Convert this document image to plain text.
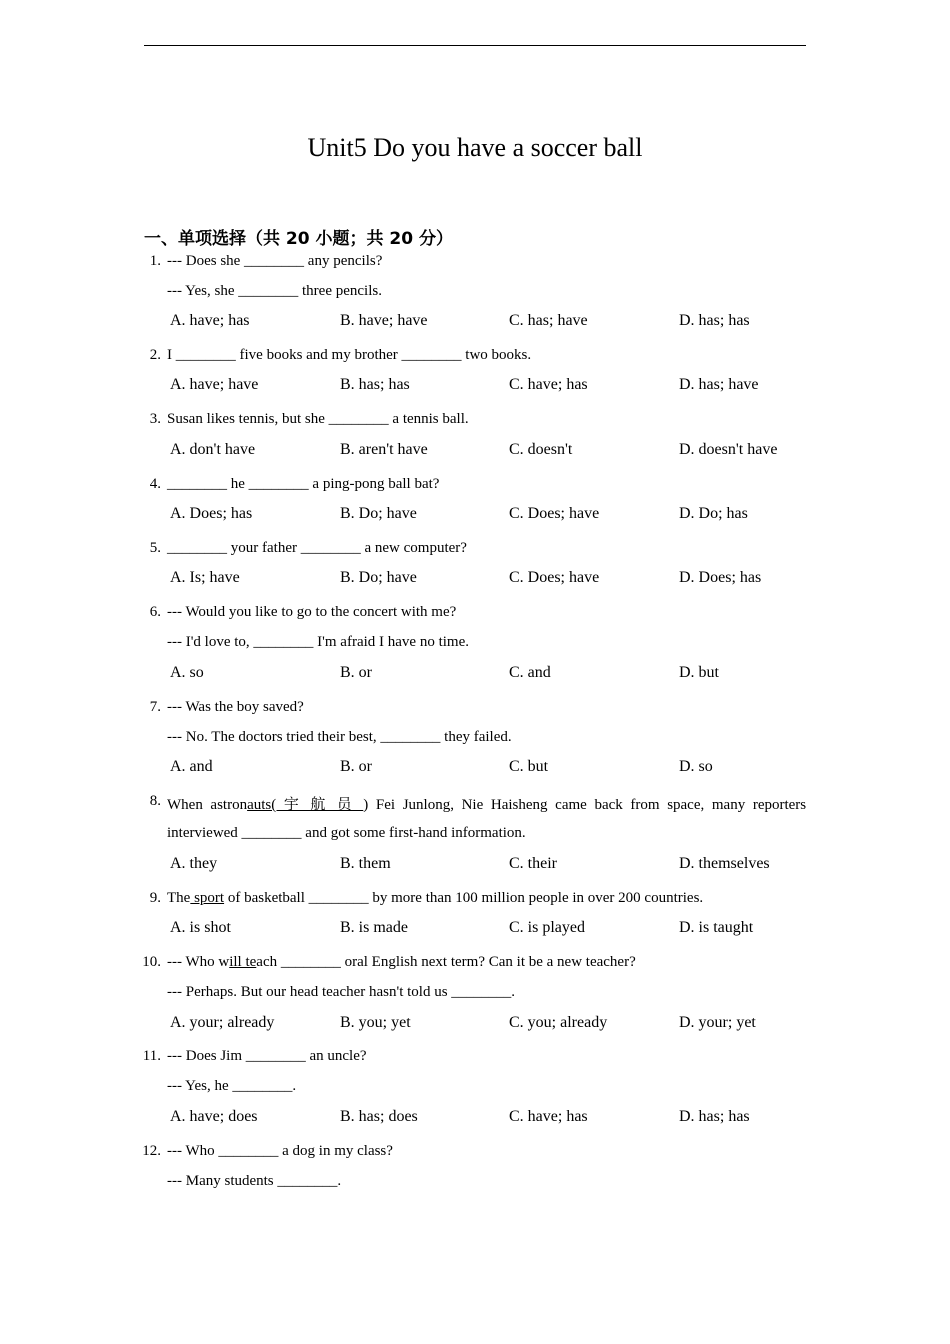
Unit5 Do you have a soccer ball
一、单项选择（共 20 小题；共 20 分）
1. --- Does she ________ any pencils?
--- Yes, she ________ three pencils.
A. have; has	B. have; have	C. has; have	D. has; has
2. I ________ five books and my brother ________ two books.
A. have; have	B. has; has	C. have; has	D. has; have
3. Susan likes tennis, but she ________ a tennis ball.
A. don't have	B. aren't have	C. doesn't	D. doesn't have
4. ________ he ________ a ping-pong ball bat?
A. Does; has	B. Do; have	C. Does; have	D. Do; has
5. ________ your father ________ a new computer?
A. Is; have	B. Do; have	C. Does; have	D. Does; has
6. --- Would you like to go to the concert with me?
--- I'd love to, ________ I'm afraid I have no time.
A. so	B. or	C. and	D. but
7. --- Was the boy saved?
--- No. The doctors tried their best, ________ they failed.
A. and	B. or	C. but	D. so
8. When astronauts( 宇 航 员 ) Fei Junlong, Nie Haisheng came back from space, many reporters
interviewed ________ and got some first-hand information.
A. they	B. them	C. their	D. themselves
9. The sport of basketball ________ by more than 100 million people in over 200 countries.
A. is shot	B. is made	C. is played	D. is taught
10. --- Who will teach ________ oral English next term? Can it be a new teacher?
--- Perhaps. But our head teacher hasn't told us ________.
A. your; already	B. you; yet	C. you; already	D. your; yet
11. --- Does Jim ________ an uncle?
--- Yes, he ________.
A. have; does	B. has; does	C. have; has	D. has; has
12. --- Who ________ a dog in my class?
--- Many students ________.
